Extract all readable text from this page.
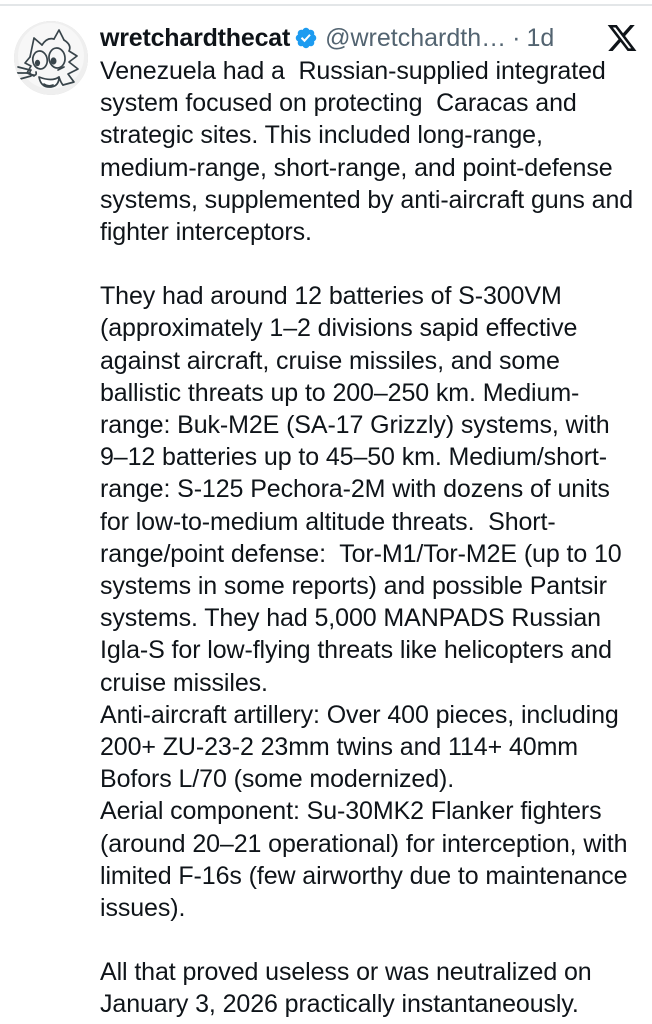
wretchardthecat @wretchardth… · 1d

Venezuela had a  Russian-supplied integrated system focused on protecting  Caracas and strategic sites. This included long-range, medium-range, short-range, and point-defense systems, supplemented by anti-aircraft guns and fighter interceptors.

They had around 12 batteries of S-300VM (approximately 1–2 divisions sapid effective against aircraft, cruise missiles, and some ballistic threats up to 200–250 km. Medium-range: Buk-M2E (SA-17 Grizzly) systems, with 9–12 batteries up to 45–50 km. Medium/short-range: S-125 Pechora-2M with dozens of units for low-to-medium altitude threats.  Short-range/point defense:  Tor-M1/Tor-M2E (up to 10 systems in some reports) and possible Pantsir systems. They had 5,000 MANPADS Russian Igla-S for low-flying threats like helicopters and cruise missiles.

Anti-aircraft artillery: Over 400 pieces, including 200+ ZU-23-2 23mm twins and 114+ 40mm Bofors L/70 (some modernized).

Aerial component: Su-30MK2 Flanker fighters (around 20–21 operational) for interception, with limited F-16s (few airworthy due to maintenance issues).

All that proved useless or was neutralized on January 3, 2026 practically instantaneously.
